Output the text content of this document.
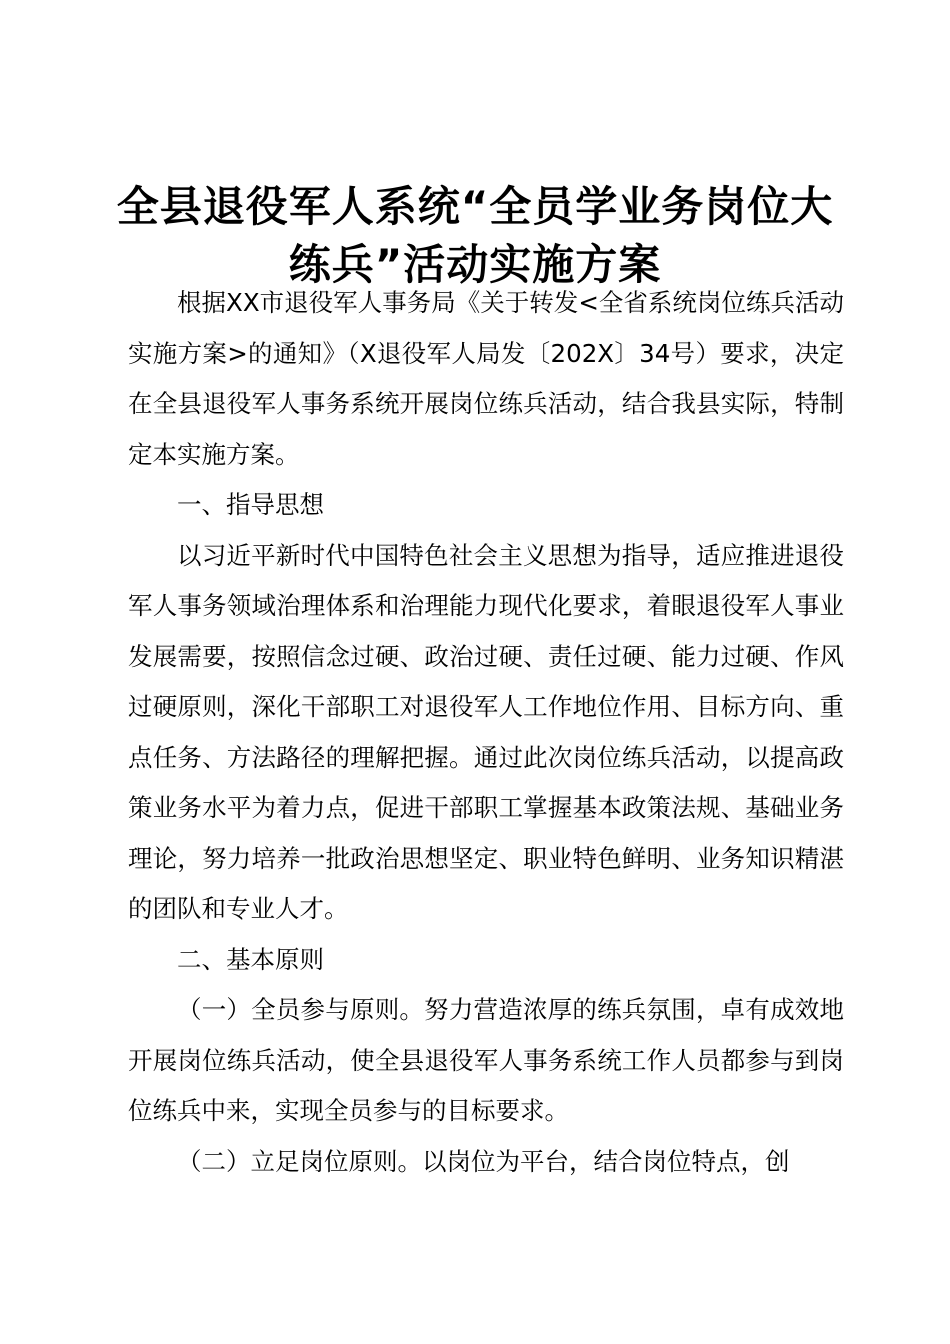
全县退役军人系统“全员学业务岗位大练兵”活动实施方案

根据XX市退役军人事务局《关于转发<全省系统岗位练兵活动实施方案>的通知》（X退役军人局发〔202X〕34号）要求，决定在全县退役军人事务系统开展岗位练兵活动，结合我县实际，特制定本实施方案。

一、指导思想

以习近平新时代中国特色社会主义思想为指导，适应推进退役军人事务领域治理体系和治理能力现代化要求，着眼退役军人事业发展需要，按照信念过硬、政治过硬、责任过硬、能力过硬、作风过硬原则，深化干部职工对退役军人工作地位作用、目标方向、重点任务、方法路径的理解把握。通过此次岗位练兵活动，以提高政策业务水平为着力点，促进干部职工掌握基本政策法规、基础业务理论，努力培养一批政治思想坚定、职业特色鲜明、业务知识精湛的团队和专业人才。

二、基本原则

（一）全员参与原则。努力营造浓厚的练兵氛围，卓有成效地开展岗位练兵活动，使全县退役军人事务系统工作人员都参与到岗位练兵中来，实现全员参与的目标要求。

（二）立足岗位原则。以岗位为平台，结合岗位特点，创
